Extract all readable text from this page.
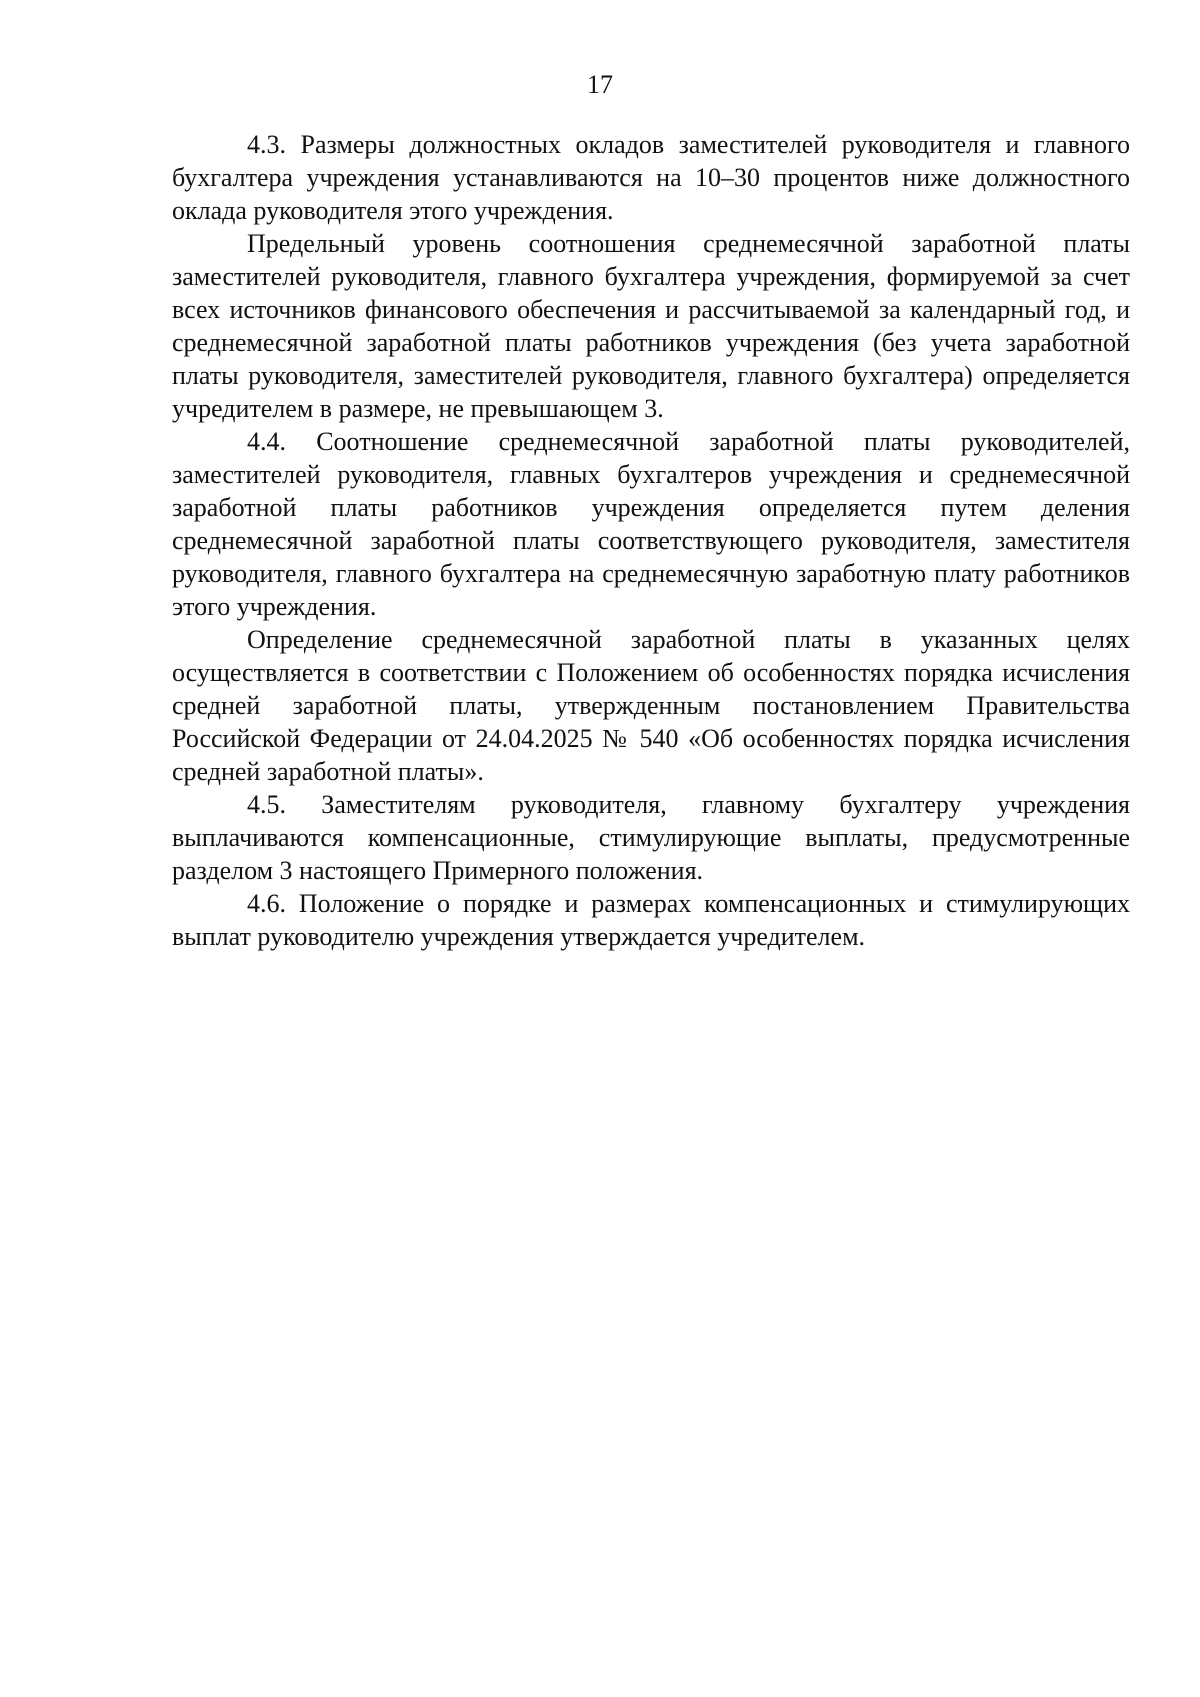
17

4.3. Размеры должностных окладов заместителей руководителя и главного бухгалтера учреждения устанавливаются на 10–30 процентов ниже должностного оклада руководителя этого учреждения.

Предельный уровень соотношения среднемесячной заработной платы заместителей руководителя, главного бухгалтера учреждения, формируемой за счет всех источников финансового обеспечения и рассчитываемой за календарный год, и среднемесячной заработной платы работников учреждения (без учета заработной платы руководителя, заместителей руководителя, главного бухгалтера) определяется учредителем в размере, не превышающем 3.

4.4. Соотношение среднемесячной заработной платы руководителей, заместителей руководителя, главных бухгалтеров учреждения и среднемесячной заработной платы работников учреждения определяется путем деления среднемесячной заработной платы соответствующего руководителя, заместителя руководителя, главного бухгалтера на среднемесячную заработную плату работников этого учреждения.

Определение среднемесячной заработной платы в указанных целях осуществляется в соответствии с Положением об особенностях порядка исчисления средней заработной платы, утвержденным постановлением Правительства Российской Федерации от 24.04.2025 № 540 «Об особенностях порядка исчисления средней заработной платы».

4.5. Заместителям руководителя, главному бухгалтеру учреждения выплачиваются компенсационные, стимулирующие выплаты, предусмотренные разделом 3 настоящего Примерного положения.

4.6. Положение о порядке и размерах компенсационных и стимулирующих выплат руководителю учреждения утверждается учредителем.
